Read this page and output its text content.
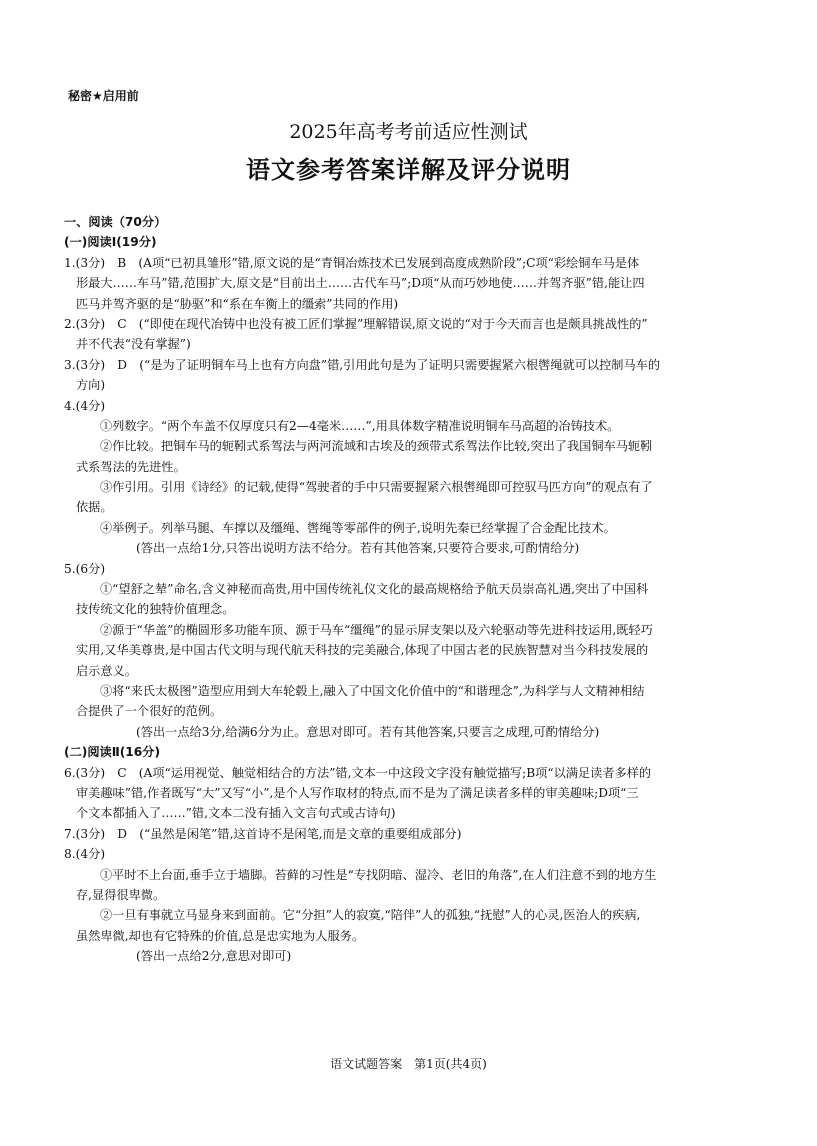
秘密★启用前
2025年高考考前适应性测试
语文参考答案详解及评分说明
一、阅读（70分）
(一)阅读Ⅰ(19分)
1.(3分)　B　(A项“已初具雏形”错,原文说的是“青铜冶炼技术已发展到高度成熟阶段”;C项“彩绘铜车马是体
形最大……车马”错,范围扩大,原文是“目前出土……古代车马”;D项“从而巧妙地使……并驾齐驱”错,能让四
匹马并驾齐驱的是“胁驱”和“系在车衡上的缰索”共同的作用)
2.(3分)　C　(“即使在现代冶铸中也没有被工匠们掌握”理解错误,原文说的“对于今天而言也是颇具挑战性的”
并不代表“没有掌握”)
3.(3分)　D　(“是为了证明铜车马上也有方向盘”错,引用此句是为了证明只需要握紧六根辔绳就可以控制马车的
方向)
4.(4分)
①列数字。“两个车盖不仅厚度只有2—4毫米……”,用具体数字精准说明铜车马高超的冶铸技术。
②作比较。把铜车马的轭靷式系驾法与两河流域和古埃及的颈带式系驾法作比较,突出了我国铜车马轭靷
式系驾法的先进性。
③作引用。引用《诗经》的记载,使得“驾驶者的手中只需要握紧六根辔绳即可控驭马匹方向”的观点有了
依据。
④举例子。列举马腿、车撑以及缰绳、辔绳等零部件的例子,说明先秦已经掌握了合金配比技术。
(答出一点给1分,只答出说明方法不给分。若有其他答案,只要符合要求,可酌情给分)
5.(6分)
①“望舒之辇”命名,含义神秘而高贵,用中国传统礼仪文化的最高规格给予航天员崇高礼遇,突出了中国科
技传统文化的独特价值理念。
②源于“华盖”的椭圆形多功能车顶、源于马车“缰绳”的显示屏支架以及六轮驱动等先进科技运用,既轻巧
实用,又华美尊贵,是中国古代文明与现代航天科技的完美融合,体现了中国古老的民族智慧对当今科技发展的
启示意义。
③将“来氏太极图”造型应用到大车轮毂上,融入了中国文化价值中的“和谐理念”,为科学与人文精神相结
合提供了一个很好的范例。
(答出一点给3分,给满6分为止。意思对即可。若有其他答案,只要言之成理,可酌情给分)
(二)阅读Ⅱ(16分)
6.(3分)　C　(A项“运用视觉、触觉相结合的方法”错,文本一中这段文字没有触觉描写;B项“以满足读者多样的
审美趣味”错,作者既写“大”又写“小”,是个人写作取材的特点,而不是为了满足读者多样的审美趣味;D项“三
个文本都插入了……”错,文本二没有插入文言句式或古诗句)
7.(3分)　D　(“虽然是闲笔”错,这首诗不是闲笔,而是文章的重要组成部分)
8.(4分)
①平时不上台面,垂手立于墙脚。苔藓的习性是“专找阴暗、湿冷、老旧的角落”,在人们注意不到的地方生
存,显得很卑微。
②一旦有事就立马显身来到面前。它“分担”人的寂寞,“陪伴”人的孤独,“抚慰”人的心灵,医治人的疾病,
虽然卑微,却也有它特殊的价值,总是忠实地为人服务。
(答出一点给2分,意思对即可)
语文试题答案　第1页(共4页)
